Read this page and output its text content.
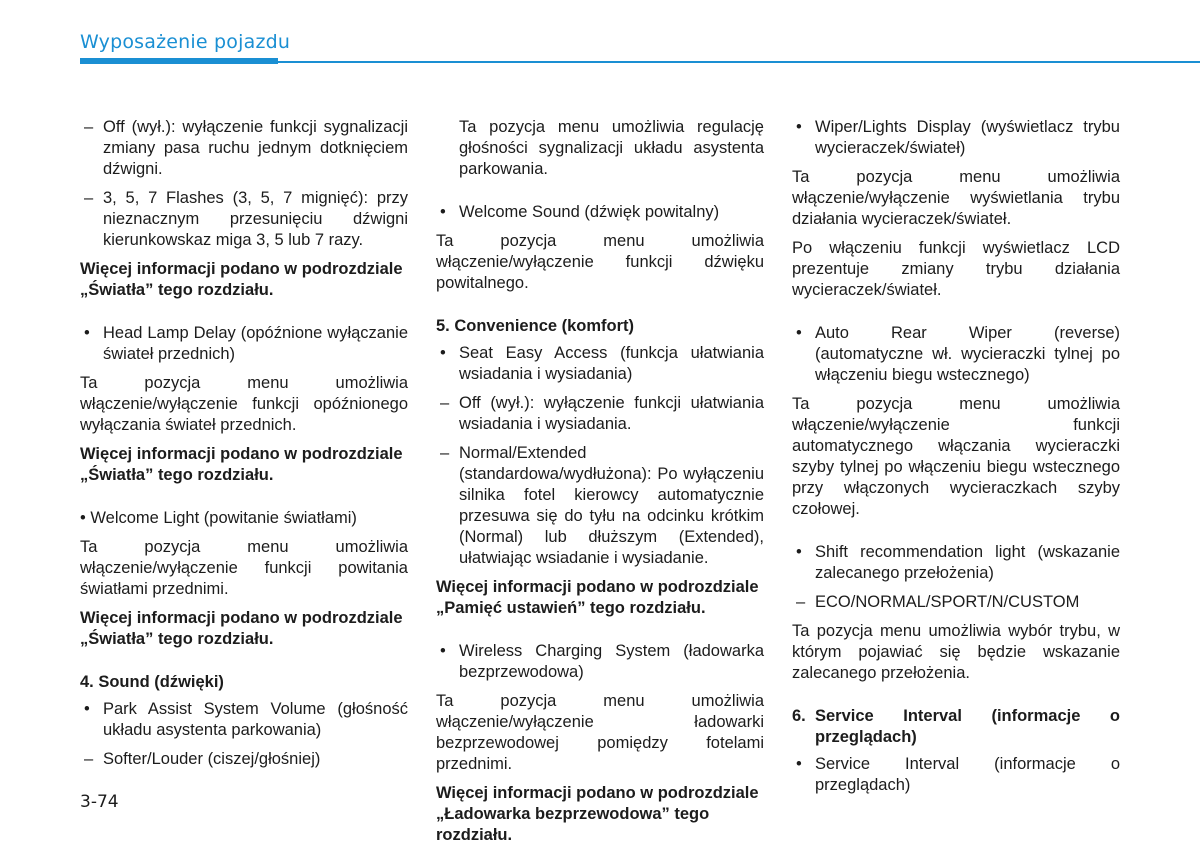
Wyposażenie pojazdu
– Off (wył.): wyłączenie funkcji sygnalizacji zmiany pasa ruchu jednym dotknięciem dźwigni.
– 3, 5, 7 Flashes (3, 5, 7 mignięć): przy nieznacznym przesunięciu dźwigni kierunkowskaz miga 3, 5 lub 7 razy.
Więcej informacji podano w podrozdziale „Światła” tego rozdziału.
• Head Lamp Delay (opóźnione wyłączanie świateł przednich)
Ta pozycja menu umożliwia włączenie/wyłączenie funkcji opóźnionego wyłączania świateł przednich.
Więcej informacji podano w podrozdziale „Światła” tego rozdziału.
• Welcome Light (powitanie światłami)
Ta pozycja menu umożliwia włączenie/wyłączenie funkcji powitania światłami przednimi.
Więcej informacji podano w podrozdziale „Światła” tego rozdziału.
4. Sound (dźwięki)
• Park Assist System Volume (głośność układu asystenta parkowania)
– Softer/Louder (ciszej/głośniej)
Ta pozycja menu umożliwia regulację głośności sygnalizacji układu asystenta parkowania.
• Welcome Sound (dźwięk powitalny)
Ta pozycja menu umożliwia włączenie/wyłączenie funkcji dźwięku powitalnego.
5. Convenience (komfort)
• Seat Easy Access (funkcja ułatwiania wsiadania i wysiadania)
– Off (wył.): wyłączenie funkcji ułatwiania wsiadania i wysiadania.
– Normal/Extended (standardowa/wydłużona): Po wyłączeniu silnika fotel kierowcy automatycznie przesuwa się do tyłu na odcinku krótkim (Normal) lub dłuższym (Extended), ułatwiając wsiadanie i wysiadanie.
Więcej informacji podano w podrozdziale „Pamięć ustawień” tego rozdziału.
• Wireless Charging System (ładowarka bezprzewodowa)
Ta pozycja menu umożliwia włączenie/wyłączenie ładowarki bezprzewodowej pomiędzy fotelami przednimi.
Więcej informacji podano w podrozdziale „Ładowarka bezprzewodowa” tego rozdziału.
• Wiper/Lights Display (wyświetlacz trybu wycieraczek/świateł)
Ta pozycja menu umożliwia włączenie/wyłączenie wyświetlania trybu działania wycieraczek/świateł.
Po włączeniu funkcji wyświetlacz LCD prezentuje zmiany trybu działania wycieraczek/świateł.
• Auto Rear Wiper (reverse) (automatyczne wł. wycieraczki tylnej po włączeniu biegu wstecznego)
Ta pozycja menu umożliwia włączenie/wyłączenie funkcji automatycznego włączania wycieraczki szyby tylnej po włączeniu biegu wstecznego przy włączonych wycieraczkach szyby czołowej.
• Shift recommendation light (wskazanie zalecanego przełożenia)
– ECO/NORMAL/SPORT/N/CUSTOM
Ta pozycja menu umożliwia wybór trybu, w którym pojawiać się będzie wskazanie zalecanego przełożenia.
6. Service Interval (informacje o przeglądach)
• Service Interval (informacje o przeglądach)
3-74
